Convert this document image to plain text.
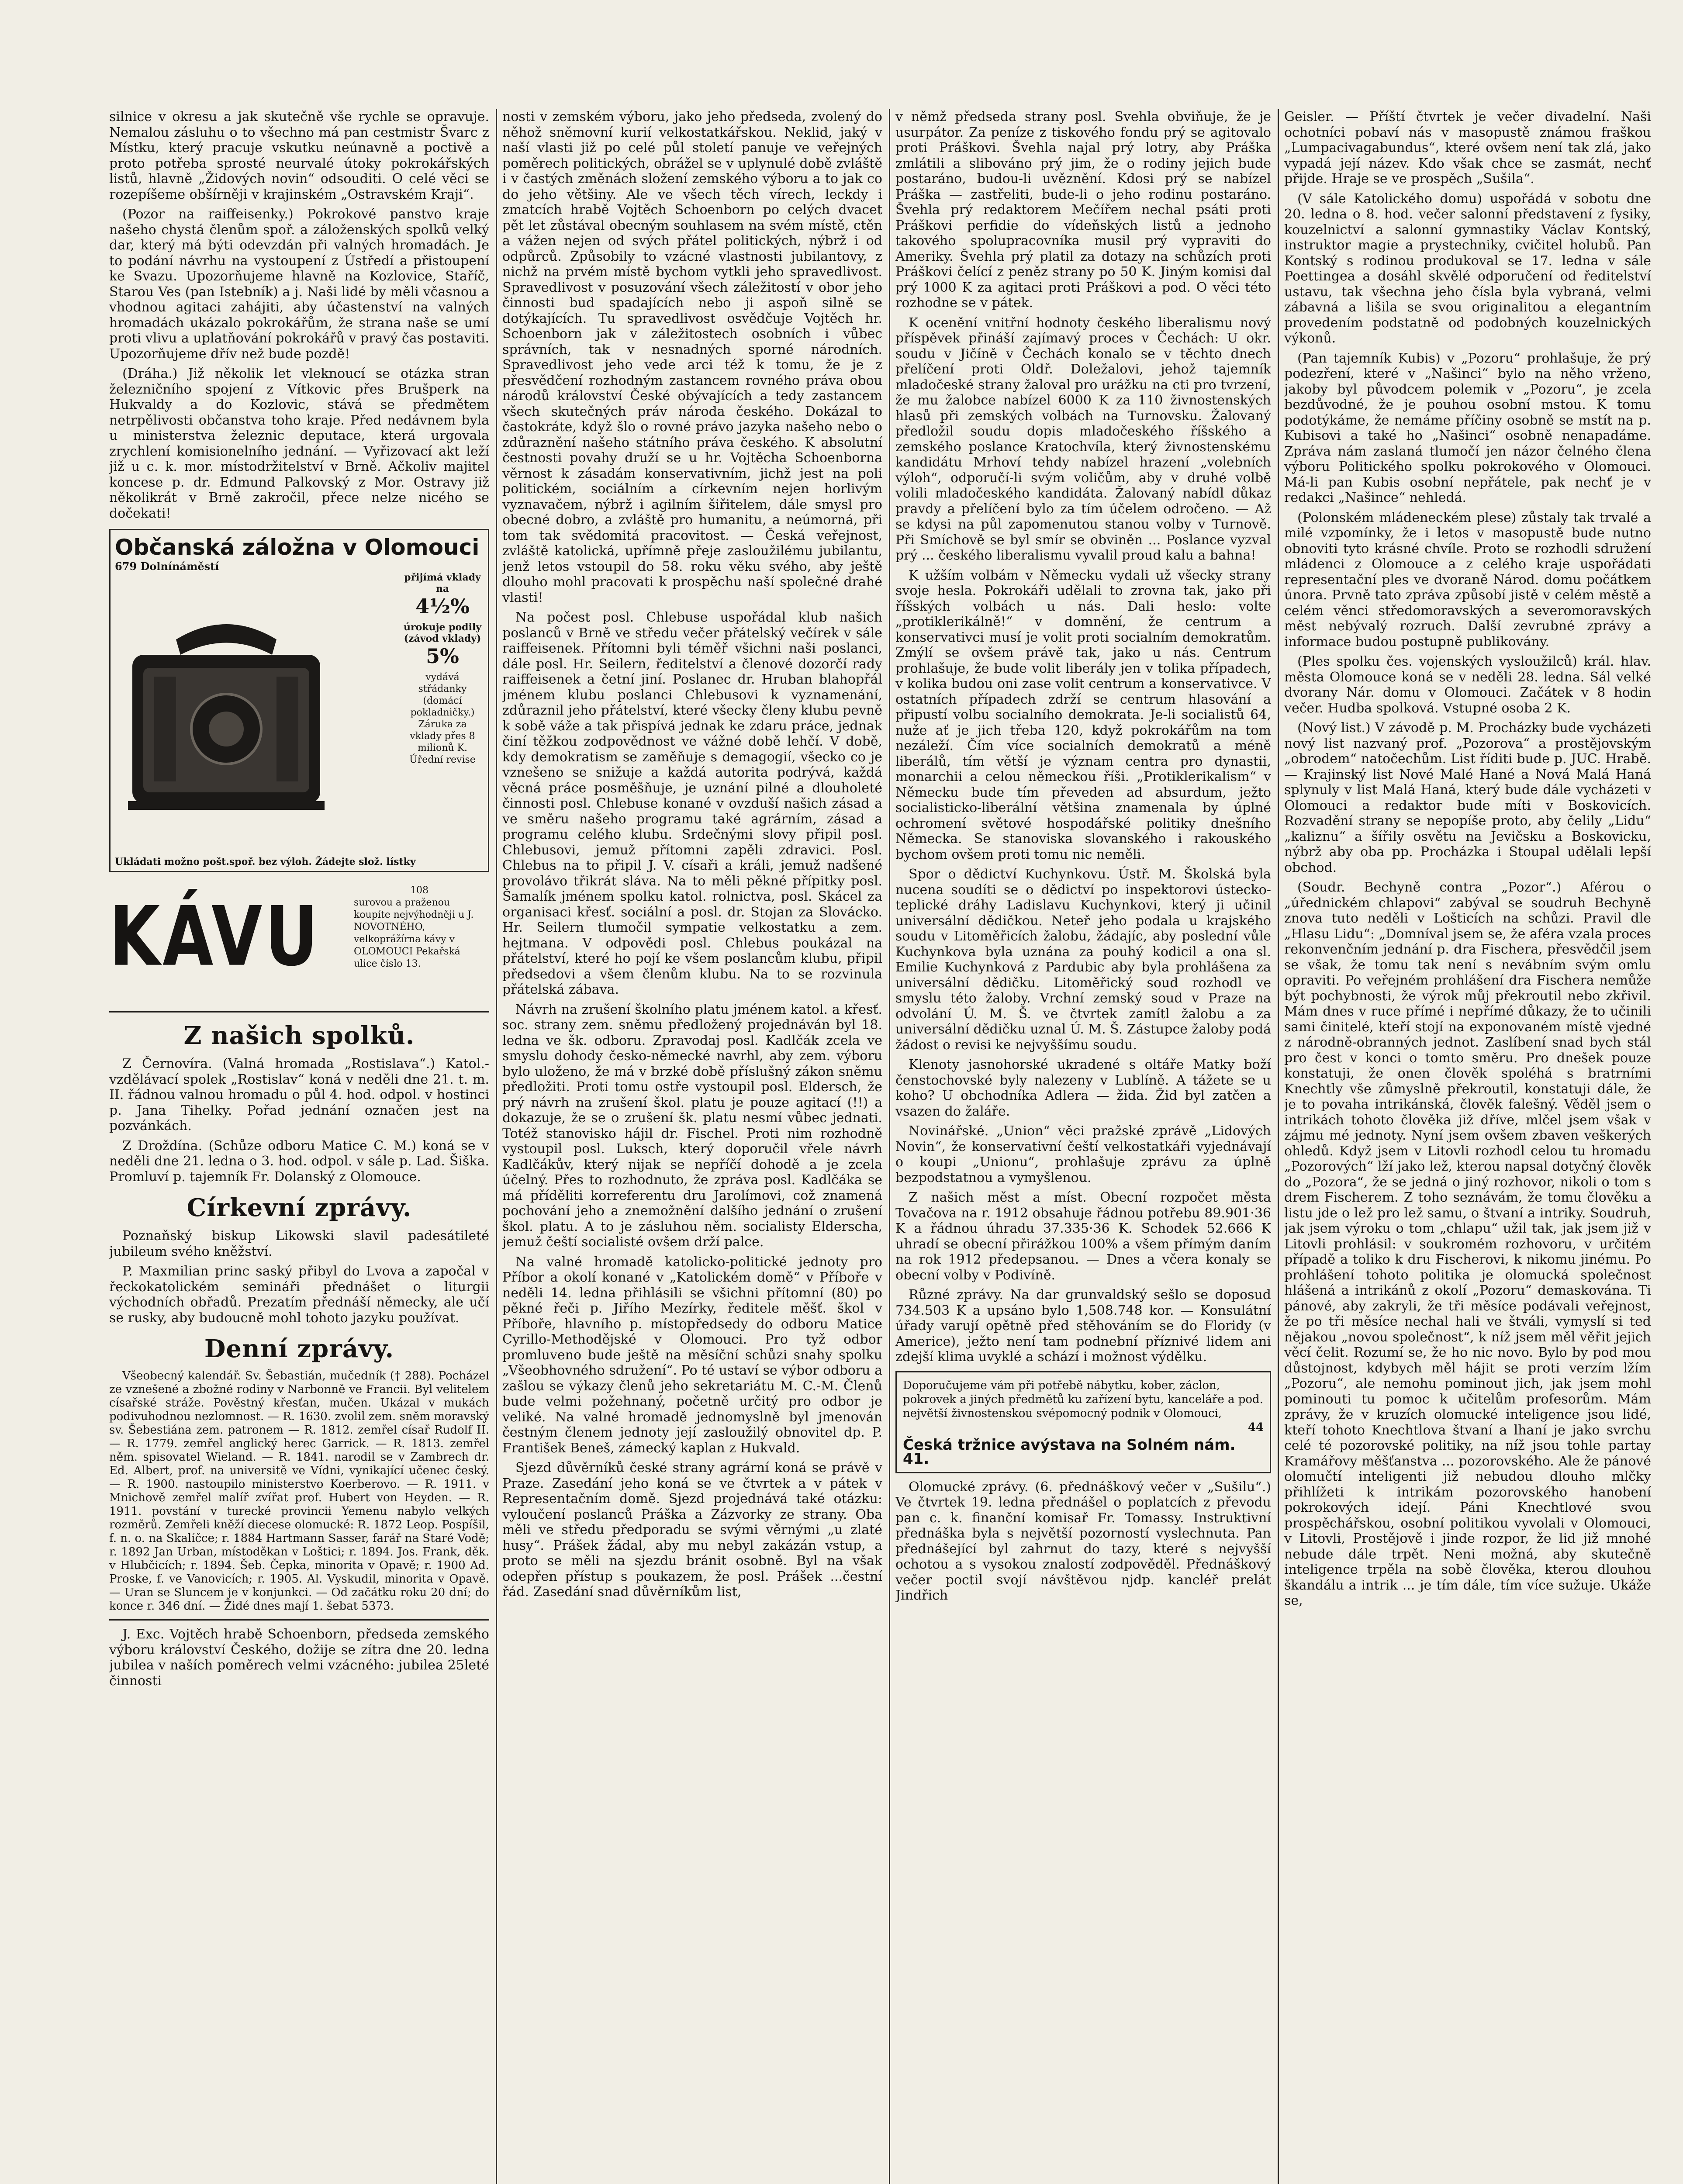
silnice v okresu a jak skutečně vše rychle se opravuje. Nemalou zásluhu o to všechno má pan cestmistr Švarc z Místku, který pracuje vskutku neúnavně a poctivě a proto potřeba sprosté neurvalé útoky pokrokářských listů, hlavně „Židových novin“ odsouditi. O celé věci se rozepíšeme obšírněji v krajinském „Ostravském Kraji“.

(Pozor na raiffeisenky.) Pokrokové panstvo kraje našeho chystá členům spoř. a záloženských spolků velký dar, který má býti odevzdán při valných hromadách. Je to podání návrhu na vystoupení z Ústředí a přistoupení ke Svazu. Upozorňujeme hlavně na Kozlovice, Staříč, Starou Ves (pan Istebník) a j. Naši lidé by měli včasnou a vhodnou agitaci zahájiti, aby účastenství na valných hromadách ukázalo pokrokářům, že strana naše se umí proti vlivu a uplatňování pokrokářů v pravý čas postaviti. Upozorňujeme dřív než bude pozdě!

(Dráha.) Již několik let vleknoucí se otázka stran železničního spojení z Vítkovic přes Brušperk na Hukvaldy a do Kozlovic, stává se předmětem netrpělivosti občanstva toho kraje. Před nedávnem byla u ministerstva železnic deputace, která urgovala zrychlení komisionelního jednání. — Vyřizovací akt leží již u c. k. mor. místodržitelství v Brně. Ačkoliv majitel koncese p. dr. Edmund Palkovský z Mor. Ostravy již několikrát v Brně zakročil, přece nelze nicého se dočekati!

Občanská záložna v Olomouci
679 Dolnínáměstí
přijímá vklady na
4½%
úrokuje podily (závod vklady)
5%
vydává střádanky (domácí pokladničky.) Záruka za vklady přes 8 milionů K. Úřední revise
Ukládati možno pošt.spoř. bez výloh. Žádejte slož. lístky
KÁVU	108
surovou a praženou koupíte nejvýhodněji u J. NOVOTNÉHO, velkoprážírna kávy v OLOMOUCI Pekařská ulice číslo 13.
Z našich spolků.

Z Černovíra. (Valná hromada „Rostislava“.) Katol.-vzdělávací spolek „Rostislav“ koná v neděli dne 21. t. m. II. řádnou valnou hromadu o půl 4. hod. odpol. v hostinci p. Jana Tihelky. Pořad jednání označen jest na pozvánkách.

Z Droždína. (Schůze odboru Matice C. M.) koná se v neděli dne 21. ledna o 3. hod. odpol. v sále p. Lad. Šiška. Promluví p. tajemník Fr. Dolanský z Olomouce.

Církevní zprávy.

Poznaňský biskup Likowski slavil padesátileté jubileum svého kněžství.

P. Maxmilian princ saský přibyl do Lvova a započal v řeckokatolickém semináři přednášet o liturgii východních obřadů. Prezatím přednáší německy, ale učí se rusky, aby budoucně mohl tohoto jazyku používat.

Denní zprávy.

Všeobecný kalendář. Sv. Šebastián, mučedník († 288). Pocházel ze vznešené a zbožné rodiny v Narbonně ve Francii. Byl velitelem císařské stráže. Pověstný křesťan, mučen. Ukázal v mukách podivuhodnou nezlomnost. — R. 1630. zvolil zem. sněm moravský sv. Šebestiána zem. patronem — R. 1812. zemřel císař Rudolf II. — R. 1779. zemřel anglický herec Garrick. — R. 1813. zemřel něm. spisovatel Wieland. — R. 1841. narodil se v Zambrech dr. Ed. Albert, prof. na universitě ve Vídni, vynikající učenec český. — R. 1900. nastoupilo ministerstvo Koerberovo. — R. 1911. v Mnichově zemřel malíř zvířat prof. Hubert von Heyden. — R. 1911. povstání v turecké provincii Yemenu nabylo velkých rozměrů. Zemřeli kněží diecese olomucké: R. 1872 Leop. Pospíšil, f. n. o. na Skalíčce; r. 1884 Hartmann Sasser, farář na Staré Vodě; r. 1892 Jan Urban, místoděkan v Loštici; r. 1894. Jos. Frank, děk. v Hlubčicích; r. 1894. Šeb. Čepka, minorita v Opavě; r. 1900 Ad. Proske, f. ve Vanovicích; r. 1905. Al. Vyskudil, minorita v Opavě. — Uran se Sluncem je v konjunkci. — Od začátku roku 20 dní; do konce r. 346 dní. — Židé dnes mají 1. šebat 5373.

J. Exc. Vojtěch hrabě Schoenborn, předseda zemského výboru království Českého, dožije se zítra dne 20. ledna jubilea v naších poměrech velmi vzácného: jubilea 25leté činnosti

nosti v zemském výboru, jako jeho předseda, zvolený do něhož sněmovní kurií velkostatkářskou. Neklid, jaký v naší vlasti již po celé půl století panuje ve veřejných poměrech politických, obrážel se v uplynulé době zvláště i v častých změnách složení zemského výboru a to jak co do jeho většiny. Ale ve všech těch vírech, leckdy i zmatcích hrabě Vojtěch Schoenborn po celých dvacet pět let zůstával obecným souhlasem na svém místě, ctěn a vážen nejen od svých přátel politických, nýbrž i od odpůrců. Způsobily to vzácné vlastnosti jubilantovy, z nichž na prvém místě bychom vytkli jeho spravedlivost. Spravedlivost v posuzování všech záležitostí v obor jeho činnosti bud spadajících nebo ji aspoň silně se dotýkajících. Tu spravedlivost osvědčuje Vojtěch hr. Schoenborn jak v záležitostech osobních i vůbec správních, tak v nesnadných sporné národních. Spravedlivost jeho vede arci též k tomu, že je z přesvědčení rozhodným zastancem rovného práva obou národů království České obývajících a tedy zastancem všech skutečných práv národa českého. Dokázal to častokráte, když šlo o rovné právo jazyka našeho nebo o zdůraznění našeho státního práva českého. K absolutní čestnosti povahy druží se u hr. Vojtěcha Schoenborna věrnost k zásadám konservativním, jichž jest na poli politickém, sociálním a církevním nejen horlivým vyznavačem, nýbrž i agilním šiřitelem, dále smysl pro obecné dobro, a zvláště pro humanitu, a neúmorná, při tom tak svědomitá pracovitost. — Česká veřejnost, zvláště katolická, upřímně přeje zasloužilému jubilantu, jenž letos vstoupil do 58. roku věku svého, aby ještě dlouho mohl pracovati k prospěchu naší společné drahé vlasti!

Na počest posl. Chlebuse uspořádal klub našich poslanců v Brně ve středu večer přátelský večírek v sále raiffeisenek. Přítomni byli téměř všichni naši poslanci, dále posl. Hr. Seilern, ředitelství a členové dozorčí rady raiffeisenek a četní jiní. Poslanec dr. Hruban blahopřál jménem klubu poslanci Chlebusovi k vyznamenání, zdůraznil jeho přátelství, které všecky členy klubu pevně k sobě váže a tak přispívá jednak ke zdaru práce, jednak činí těžkou zodpovědnost ve vážné době lehčí. V době, kdy demokratism se zaměňuje s demagogií, všecko co je vznešeno se snižuje a každá autorita podrývá, každá věcná práce posměšňuje, je uznání pilné a dlouholeté činnosti posl. Chlebuse konané v ovzduší našich zásad a ve směru našeho programu také agrárním, zásad a programu celého klubu. Srdečnými slovy připil posl. Chlebusovi, jemuž přítomni zapěli zdravici. Posl. Chlebus na to připil J. V. císaři a králi, jemuž nadšené provolávo třikrát sláva. Na to měli pěkné přípitky posl. Šamalík jménem spolku katol. rolnictva, posl. Skácel za organisaci křesť. sociální a posl. dr. Stojan za Slovácko. Hr. Seilern tlumočil sympatie velkostatku a zem. hejtmana. V odpovědi posl. Chlebus poukázal na přátelství, které ho pojí ke všem poslancům klubu, připil předsedovi a všem členům klubu. Na to se rozvinula přátelská zábava.

Návrh na zrušení školního platu jménem katol. a křesť. soc. strany zem. sněmu předložený projednáván byl 18. ledna ve šk. odboru. Zpravodaj posl. Kadlčák zcela ve smyslu dohody česko-německé navrhl, aby zem. výboru bylo uloženo, že má v brzké době příslušný zákon sněmu předložiti. Proti tomu ostře vystoupil posl. Eldersch, že prý návrh na zrušení škol. platu je pouze agitací (!!) a dokazuje, že se o zrušení šk. platu nesmí vůbec jednati. Totéž stanovisko hájil dr. Fischel. Proti nim rozhodně vystoupil posl. Luksch, který doporučil vřele návrh Kadlčákův, který nijak se nepříčí dohodě a je zcela účelný. Přes to rozhodnuto, že zpráva posl. Kadlčáka se má příděliti korreferentu dru Jarolímovi, což znamená pochování jeho a znemožnění dalšího jednání o zrušení škol. platu. A to je zásluhou něm. socialisty Elderscha, jemuž čeští socialisté ovšem drží palce.

Na valné hromadě katolicko-politické jednoty pro Příbor a okolí konané v „Katolickém domě“ v Příboře v neděli 14. ledna přihlásili se všichni přítomní (80) po pěkné řeči p. Jiřího Mezírky, ředitele měšť. škol v Příboře, hlavního p. místopředsedy do odboru Matice Cyrillo-Methodějské v Olomouci. Pro tyž odbor promluveno bude ještě na měsíční schůzi snahy spolku „Všeobhovného sdružení“. Po té ustaví se výbor odboru a zašlou se výkazy členů jeho sekretariátu M. C.-M. Členů bude velmi požehnaný, početně určitý pro odbor je veliké. Na valné hromadě jednomyslně byl jmenován čestným členem jednoty její zasloužilý obnovitel dp. P. František Beneš, zámecký kaplan z Hukvald.

Sjezd důvěrníků české strany agrární koná se právě v Praze. Zasedání jeho koná se ve čtvrtek a v pátek v Representačním domě. Sjezd projednává také otázku: vyloučení poslanců Práška a Zázvorky ze strany. Oba měli ve středu předporadu se svými věrnými „u zlaté husy“. Prášek žádal, aby mu nebyl zakázán vstup, a proto se měli na sjezdu bránit osobně. Byl na však odepřen přístup s poukazem, že posl. Prášek ...čestní řád. Zasedání snad důvěrníkům list,

v němž předseda strany posl. Svehla obviňuje, že je usurpátor. Za peníze z tiskového fondu prý se agitovalo proti Práškovi. Švehla najal prý lotry, aby Práška zmlátili a slibováno prý jim, že o rodiny jejich bude postaráno, budou-li uvěznění. Kdosi prý se nabízel Práška — zastřeliti, bude-li o jeho rodinu postaráno. Švehla prý redaktorem Mečířem nechal psáti proti Práškovi perfidie do vídeňských listů a jednoho takového spolupracovníka musil prý vypraviti do Ameriky. Švehla prý platil za dotazy na schůzích proti Práškovi čelící z peněz strany po 50 K. Jiným komisi dal prý 1000 K za agitaci proti Práškovi a pod. O věci této rozhodne se v pátek.

K ocenění vnitřní hodnoty českého liberalismu nový příspěvek přináší zajímavý proces v Čechách: U okr. soudu v Jičíně v Čechách konalo se v těchto dnech přelíčení proti Oldř. Doležalovi, jehož tajemník mladočeské strany žaloval pro urážku na cti pro tvrzení, že mu žalobce nabízel 6000 K za 110 živnostenských hlasů při zemských volbách na Turnovsku. Žalovaný předložil soudu dopis mladočeského říšského a zemského poslance Kratochvíla, který živnostenskému kandidátu Mrhoví tehdy nabízel hrazení „volebních výloh“, odporučí-li svým voličům, aby v druhé volbě volili mladočeského kandidáta. Žalovaný nabídl důkaz pravdy a přelíčení bylo za tím účelem odročeno. — Až se kdysi na půl zapomenutou stanou volby v Turnově. Při Smíchově se byl smír se obviněn ... Poslance vyzval prý ... českého liberalismu vyvalil proud kalu a bahna!

K užším volbám v Německu vydali už všecky strany svoje hesla. Pokrokáři udělali to zrovna tak, jako při říšských volbách u nás. Dali heslo: volte „protiklerikálně!“ v domnění, že centrum a konservativci musí je volit proti socialním demokratům. Zmýlí se ovšem právě tak, jako u nás. Centrum prohlašuje, že bude volit liberály jen v tolika případech, v kolika budou oni zase volit centrum a konservativce. V ostatních případech zdrží se centrum hlasování a připustí volbu socialního demokrata. Je-li socialistů 64, nuže ať je jich třeba 120, když pokrokářům na tom nezáleží. Čím více socialních demokratů a méně liberálů, tím větší je význam centra pro dynastii, monarchii a celou německou říši. „Protiklerikalism“ v Německu bude tím převeden ad absurdum, ježto socialisticko-liberální většina znamenala by úplné ochromení světové hospodářské politiky dnešního Německa. Se stanoviska slovanského i rakouského bychom ovšem proti tomu nic neměli.

Spor o dědictví Kuchynkovu. Ústř. M. Školská byla nucena soudíti se o dědictví po inspektorovi ústecko-teplické dráhy Ladislavu Kuchynkovi, který ji učinil universální dědičkou. Neteř jeho podala u krajského soudu v Litoměřicích žalobu, žádajíc, aby poslední vůle Kuchynkova byla uznána za pouhý kodicil a ona sl. Emilie Kuchynková z Pardubic aby byla prohlášena za universální dědičku. Litoměřický soud rozhodl ve smyslu této žaloby. Vrchní zemský soud v Praze na odvolání Ú. M. Š. ve čtvrtek zamítl žalobu a za universální dědičku uznal Ú. M. Š. Zástupce žaloby podá žádost o revisi ke nejvyššímu soudu.

Klenoty jasnohorské ukradené s oltáře Matky boží čenstochovské byly nalezeny v Lublíně. A tážete se u koho? U obchodníka Adlera — žida. Žid byl zatčen a vsazen do žaláře.

Novinářské. „Union“ věci pražské zprávě „Lidových Novin“, že konservativní čeští velkostatkáři vyjednávají o koupi „Unionu“, prohlašuje zprávu za úplně bezpodstatnou a vymyšlenou.

Z našich měst a míst. Obecní rozpočet města Tovačova na r. 1912 obsahuje řádnou potřebu 89.901·36 K a řádnou úhradu 37.335·36 K. Schodek 52.666 K uhradí se obecní přirážkou 100% a všem přímým daním na rok 1912 předepsanou. — Dnes a včera konaly se obecní volby v Podivíně.

Různé zprávy. Na dar grunvaldský sešlo se doposud 734.503 K a upsáno bylo 1,508.748 kor. — Konsulátní úřady varují opětně před stěhováním se do Floridy (v Americe), ježto není tam podnební příznivé lidem ani zdejší klima uvyklé a schází i možnost výdělku.

Doporučujeme vám při potřebě nábytku, kober, záclon, pokrovek a jiných předmětů ku zařízení bytu, kanceláře a pod. největší živnostenskou svépomocný podnik v Olomouci,
44
Česká tržnice avýstava na Solném nám. 41.

Olomucké zprávy. (6. přednáškový večer v „Sušilu“.) Ve čtvrtek 19. ledna přednášel o poplatcích z převodu pan c. k. finanční komisař Fr. Tomassy. Instruktivní přednáška byla s největší pozorností vyslechnuta. Pan přednášející byl zahrnut do tazy, které s nejvyšší ochotou a s vysokou znalostí zodpověděl. Přednáškový večer poctil svojí návštěvou njdp. kancléř prelát Jindřich

Geisler. — Příští čtvrtek je večer divadelní. Naši ochotníci pobaví nás v masopustě známou fraškou „Lumpacivagabundus“, které ovšem není tak zlá, jako vypadá její název. Kdo však chce se zasmát, nechť přijde. Hraje se ve prospěch „Sušila“.

(V sále Katolického domu) uspořádá v sobotu dne 20. ledna o 8. hod. večer salonní představení z fysiky, kouzelnictví a salonní gymnastiky Václav Kontský, instruktor magie a prystechniky, cvičitel holubů. Pan Kontský s rodinou produkoval se 17. ledna v sále Poettingea a dosáhl skvělé odporučení od ředitelství ustavu, tak všechna jeho čísla byla vybraná, velmi zábavná a lišila se svou originalitou a elegantním provedením podstatně od podobných kouzelnických výkonů.

(Pan tajemník Kubis) v „Pozoru“ prohlašuje, že prý podezření, které v „Našinci“ bylo na něho vrženo, jakoby byl původcem polemik v „Pozoru“, je zcela bezdůvodné, že je pouhou osobní mstou. K tomu podotýkáme, že nemáme příčiny osobně se mstít na p. Kubisovi a také ho „Našinci“ osobně nenapadáme. Zpráva nám zaslaná tlumočí jen názor čelného člena výboru Politického spolku pokrokového v Olomouci. Má-li pan Kubis osobní nepřátele, pak nechť je v redakci „Našince“ nehledá.

(Polonském mládeneckém plese) zůstaly tak trvalé a milé vzpomínky, že i letos v masopustě bude nutno obnoviti tyto krásné chvíle. Proto se rozhodli sdružení mládenci z Olomouce a z celého kraje uspořádati representační ples ve dvoraně Národ. domu počátkem února. Prvně tato zpráva způsobí jistě v celém městě a celém věnci středomoravských a severomoravských měst nebývalý rozruch. Další zevrubné zprávy a informace budou postupně publikovány.

(Ples spolku čes. vojenských vysloužilců) král. hlav. města Olomouce koná se v neděli 28. ledna. Sál velké dvorany Nár. domu v Olomouci. Začátek v 8 hodin večer. Hudba spolková. Vstupné osoba 2 K.

(Nový list.) V závodě p. M. Procházky bude vycházeti nový list nazvaný prof. „Pozorova“ a prostějovským „obrodem“ natočechům. List říditi bude p. JUC. Hrabě. — Krajinský list Nové Malé Hané a Nová Malá Haná splynuly v list Malá Haná, který bude dále vycházeti v Olomouci a redaktor bude míti v Boskovicích. Rozvadění strany se nepopíše proto, aby čelily „Lidu“ „kaliznu“ a šířily osvětu na Jevičsku a Boskovicku, nýbrž aby oba pp. Procházka i Stoupal udělali lepší obchod.

(Soudr. Bechyně contra „Pozor“.) Aférou o „úřednickém chlapovi“ zabýval se soudruh Bechyně znova tuto neděli v Lošticích na schůzi. Pravil dle „Hlasu Lidu“: „Domníval jsem se, že aféra vzala proces rekonvenčním jednání p. dra Fischera, přesvědčil jsem se však, že tomu tak není s nevábním svým omlu opraviti. Po veřejném prohlášení dra Fischera nemůže být pochybnosti, že výrok můj překroutil nebo zkřivil. Mám dnes v ruce přímé i nepřímé důkazy, že to učinili sami činitelé, kteří stojí na exponovaném místě vjedné z národně-obranných jednot. Zaslíbení snad bych stál pro čest v konci o tomto směru. Pro dnešek pouze konstatuji, že onen člověk spoléhá s bratrními Knechtly vše zůmyslně překroutil, konstatuji dále, že je to povaha intrikánská, člověk falešný. Věděl jsem o intrikách tohoto člověka již dříve, mlčel jsem však v zájmu mé jednoty. Nyní jsem ovšem zbaven veškerých ohledů. Když jsem v Litovli rozhodl celou tu hromadu „Pozorových“ lží jako lež, kterou napsal dotyčný člověk do „Pozora“, že se jedná o jiný rozhovor, nikoli o tom s drem Fischerem. Z toho seznávám, že tomu člověku a listu jde o lež pro lež samu, o štvaní a intriky. Soudruh, jak jsem výroku o tom „chlapu“ užil tak, jak jsem již v Litovli prohlásil: v soukromém rozhovoru, v určitém případě a toliko k dru Fischerovi, k nikomu jinému. Po prohlášení tohoto politika je olomucká společnost hlášená a intrikánů z okolí „Pozoru“ demaskována. Ti pánové, aby zakryli, že tři měsíce podávali veřejnost, že po tři měsíce nechal hali ve štváli, vymyslí si teď nějakou „novou společnost“, k níž jsem měl věřit jejich věcí čelit. Rozumí se, že ho nic novo. Bylo by pod mou důstojnost, kdybych měl hájit se proti verzím lžím „Pozoru“, ale nemohu pominout jich, jak jsem mohl pominouti tu pomoc k učitelům profesorům. Mám zprávy, že v kruzích olomucké inteligence jsou lidé, kteří tohoto Knechtlova štvaní a lhaní je jako svrchu celé té pozorovské politiky, na níž jsou tohle partay Kramářovy měšťanstva ... pozorovského. Ale že pánové olomučtí inteligenti již nebudou dlouho mlčky přihlížeti k intrikám pozorovského hanobení pokrokových idejí. Páni Knechtlové svou prospěchářskou, osobní politikou vyvolali v Olomouci, v Litovli, Prostějově i jinde rozpor, že lid již mnohé nebude dále trpět. Neni možná, aby skutečně inteligence trpěla na sobě člověka, kterou dlouhou škandálu a intrik ... je tím dále, tím více sužuje. Ukáže se,
